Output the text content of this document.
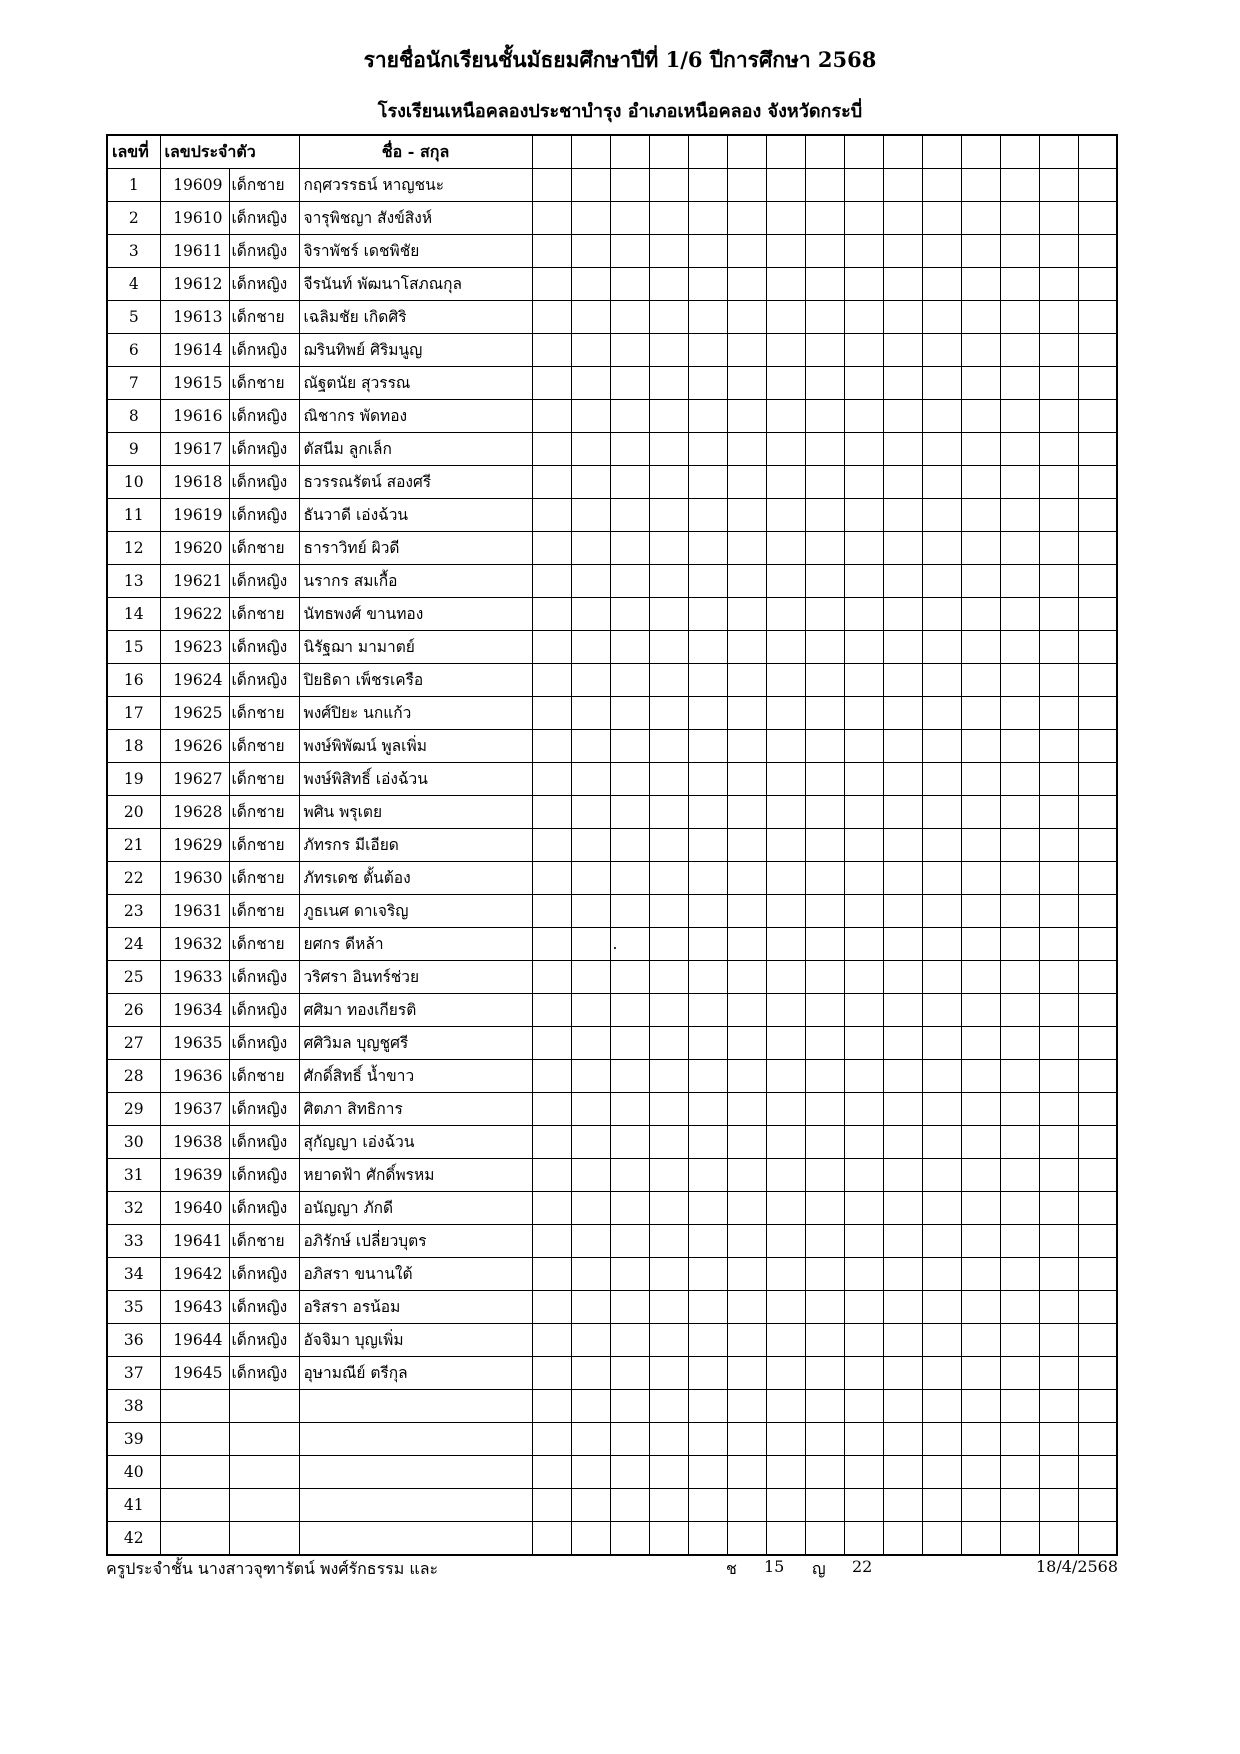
รายชื่อนักเรียนชั้นมัธยมศึกษาปีที่ 1/6 ปีการศึกษา 2568
โรงเรียนเหนือคลองประชาบำรุง อำเภอเหนือคลอง จังหวัดกระบี่
เลขที่	เลขประจำตัว		ชื่อ - สกุล															
1	19609	เด็กชาย	กฤศวรรธน์ หาญชนะ															
2	19610	เด็กหญิง	จารุพิชญา สังข์สิงห์															
3	19611	เด็กหญิง	จิราพัชร์ เดชพิชัย															
4	19612	เด็กหญิง	จีรนันท์ พัฒนาโสภณกุล															
5	19613	เด็กชาย	เฉลิมชัย เกิดศิริ															
6	19614	เด็กหญิง	ฌรินทิพย์ ศิริมนูญ															
7	19615	เด็กชาย	ณัฐตนัย สุวรรณ															
8	19616	เด็กหญิง	ณิชากร พัดทอง															
9	19617	เด็กหญิง	ตัสนีม ลูกเล็ก															
10	19618	เด็กหญิง	ธวรรณรัตน์ สองศรี															
11	19619	เด็กหญิง	ธันวาดี เอ่งฉ้วน															
12	19620	เด็กชาย	ธาราวิทย์ ผิวดี															
13	19621	เด็กหญิง	นรากร สมเกื้อ															
14	19622	เด็กชาย	นัทธพงศ์ ขานทอง															
15	19623	เด็กหญิง	นิรัฐฌา มามาตย์															
16	19624	เด็กหญิง	ปิยธิดา เพ็ชรเครือ															
17	19625	เด็กชาย	พงศ์ปิยะ นกแก้ว															
18	19626	เด็กชาย	พงษ์พิพัฒน์ พูลเพิ่ม															
19	19627	เด็กชาย	พงษ์พิสิทธิ์ เอ่งฉ้วน															
20	19628	เด็กชาย	พศิน พรุเตย															
21	19629	เด็กชาย	ภัทรกร มีเอียด															
22	19630	เด็กชาย	ภัทรเดช ตั้นต้อง															
23	19631	เด็กชาย	ภูธเนศ ดาเจริญ															
24	19632	เด็กชาย	ยศกร ดีหล้า			.												
25	19633	เด็กหญิง	วริศรา อินทร์ช่วย															
26	19634	เด็กหญิง	ศศิมา ทองเกียรติ															
27	19635	เด็กหญิง	ศศิวิมล บุญชูศรี															
28	19636	เด็กชาย	ศักดิ์สิทธิ์ น้ำขาว															
29	19637	เด็กหญิง	ศิตภา สิทธิการ															
30	19638	เด็กหญิง	สุกัญญา เอ่งฉ้วน															
31	19639	เด็กหญิง	หยาดฟ้า ศักดิ์พรหม															
32	19640	เด็กหญิง	อนัญญา ภักดี															
33	19641	เด็กชาย	อภิรักษ์ เปลี่ยวบุตร															
34	19642	เด็กหญิง	อภิสรา ขนานใต้															
35	19643	เด็กหญิง	อริสรา อรน้อม															
36	19644	เด็กหญิง	อัจจิมา บุญเพิ่ม															
37	19645	เด็กหญิง	อุษามณีย์ ตรีกุล															
38																		
39																		
40																		
41																		
42																		
ครูประจำชั้น นางสาวจุฑารัตน์ พงศ์รักธรรม และ	ช 15 ญ 22	18/4/2568
